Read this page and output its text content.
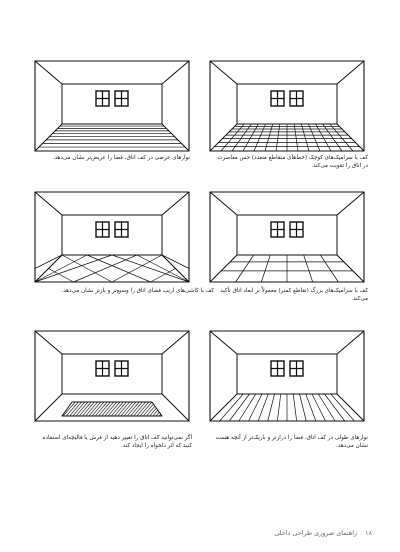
کف با سرامیک‌های کوچک (خط‌های متقاطع متعدد) حس معاصرت در اتاق را تقویت می‌کند.
نوارهای عرضی در کف اتاق، فضا را عریض‌تر نشان می‌دهد.
کف با سرامیک‌های بزرگ (تقاطع کمتر) معمولاً بر ابعاد اتاق تأکید می‌کند.
کف با کاشی‌های اریب فضای اتاق را وسیع‌تر و بازتر نشان می‌دهد.
نوارهای طولی در کف اتاق، فضا را درازتر و باریک‌تر از آنچه هست نشان می‌دهد.
اگر نمی‌توانید کف اتاق را تغییر دهید از فرش یا قالیچه‌ای استفاده کنید که اثر دلخواه را ایجاد کند.
۱۸ راهنمای ضروری طراحی داخلی
